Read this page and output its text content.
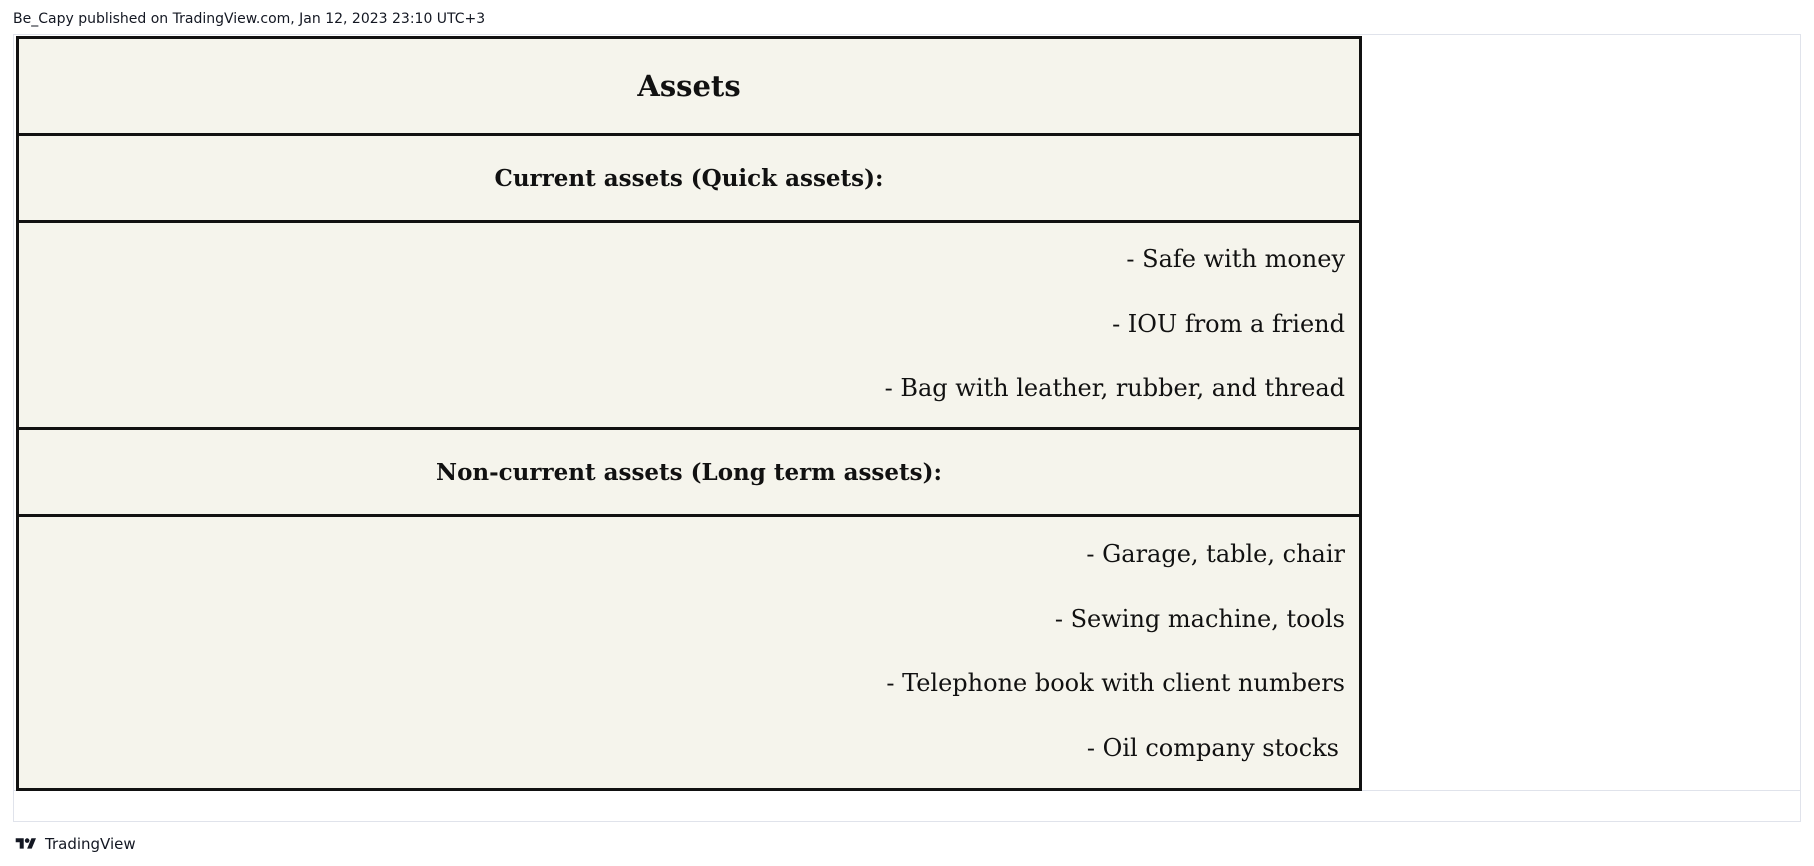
Be_Capy published on TradingView.com, Jan 12, 2023 23:10 UTC+3
Assets
Current assets (Quick assets):
- Safe with money
- IOU from a friend
- Bag with leather, rubber, and thread
Non-current assets (Long term assets):
- Garage, table, chair
- Sewing machine, tools
- Telephone book with client numbers
- Oil company stocks
TradingView
